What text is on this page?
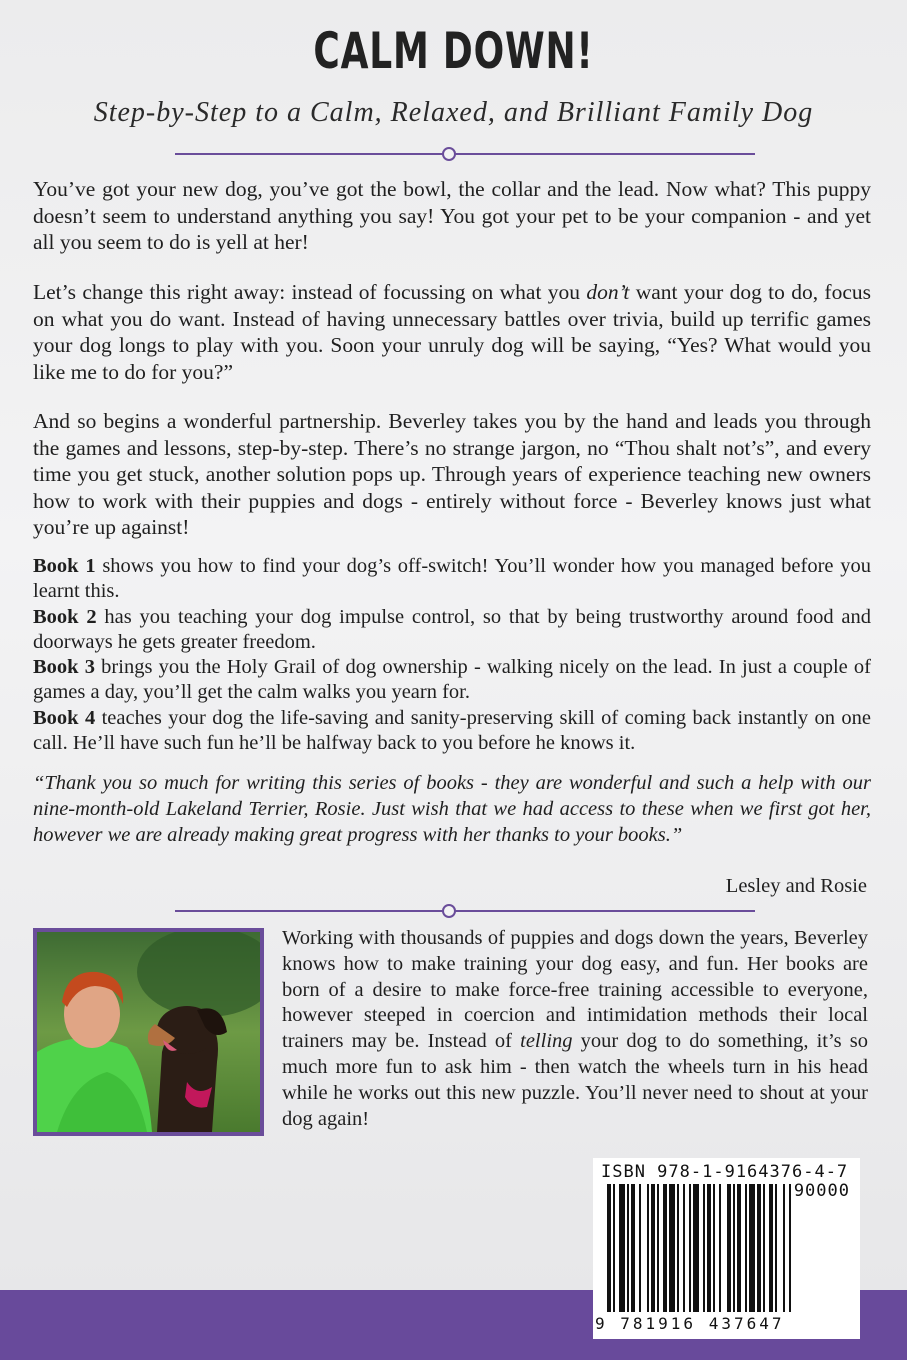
CALM DOWN!
Step-by-Step to a Calm, Relaxed, and Brilliant Family Dog

You’ve got your new dog, you’ve got the bowl, the collar and the lead. Now what? This puppy doesn’t seem to understand anything you say! You got your pet to be your companion - and yet all you seem to do is yell at her!

Let’s change this right away: instead of focussing on what you don’t want your dog to do, focus on what you do want. Instead of having unnecessary battles over trivia, build up terrific games your dog longs to play with you. Soon your unruly dog will be saying, “Yes? What would you like me to do for you?”

And so begins a wonderful partnership. Beverley takes you by the hand and leads you through the games and lessons, step-by-step. There’s no strange jargon, no “Thou shalt not’s”, and every time you get stuck, another solution pops up. Through years of experience teaching new owners how to work with their puppies and dogs - entirely without force - Beverley knows just what you’re up against!

Book 1 shows you how to find your dog’s off-switch! You’ll wonder how you managed before you learnt this.

Book 2 has you teaching your dog impulse control, so that by being trustworthy around food and doorways he gets greater freedom.

Book 3 brings you the Holy Grail of dog ownership - walking nicely on the lead. In just a couple of games a day, you’ll get the calm walks you yearn for.

Book 4 teaches your dog the life-saving and sanity-preserving skill of coming back instantly on one call. He’ll have such fun he’ll be halfway back to you before he knows it.

“Thank you so much for writing this series of books - they are wonderful and such a help with our nine-month-old Lakeland Terrier, Rosie. Just wish that we had access to these when we first got her, however we are already making great progress with her thanks to your books.”

Lesley and Rosie

Working with thousands of puppies and dogs down the years, Beverley knows how to make training your dog easy, and fun. Her books are born of a desire to make force-free training accessible to everyone, however steeped in coercion and intimidation methods their local trainers may be. Instead of telling your dog to do something, it’s so much more fun to ask him - then watch the wheels turn in his head while he works out this new puzzle. You’ll never need to shout at your dog again!

ISBN 978-1-9164376-4-7
90000
9 781916 437647
